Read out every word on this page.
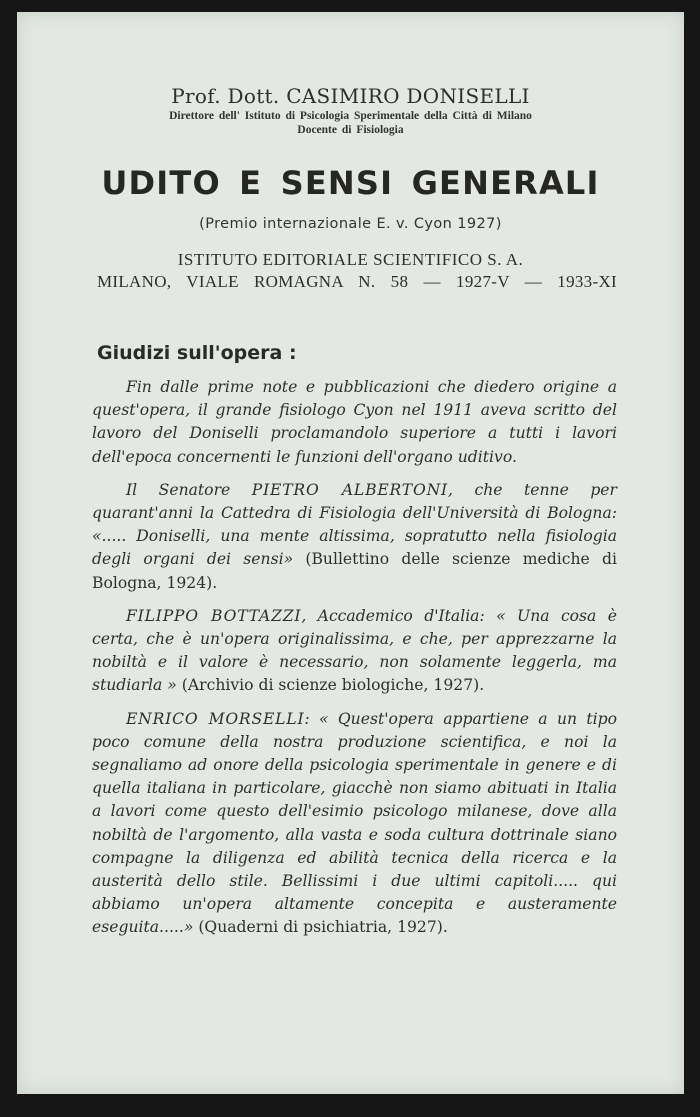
Prof. Dott. CASIMIRO DONISELLI
Direttore dell' Istituto di Psicologia Sperimentale della Città di Milano
Docente di Fisiologia
UDITO E SENSI GENERALI
(Premio internazionale E. v. Cyon 1927)
ISTITUTO EDITORIALE SCIENTIFICO S. A.
MILANO, VIALE ROMAGNA N. 58 — 1927-V — 1933-XI
Giudizi sull'opera :

Fin dalle prime note e pubblicazioni che diedero origine a quest'opera, il grande fisiologo Cyon nel 1911 aveva scritto del lavoro del Doniselli proclamandolo superiore a tutti i lavori dell'epoca concernenti le funzioni dell'organo uditivo.

Il Senatore PIETRO ALBERTONI, che tenne per quarant'anni la Cattedra di Fisiologia dell'Università di Bologna: «..... Doniselli, una mente altissima, sopratutto nella fisiologia degli organi dei sensi» (Bullettino delle scienze mediche di Bologna, 1924).

FILIPPO BOTTAZZI, Accademico d'Italia: « Una cosa è certa, che è un'opera originalissima, e che, per apprezzarne la nobiltà e il valore è necessario, non solamente leggerla, ma studiarla » (Archivio di scienze biologiche, 1927).

ENRICO MORSELLI: « Quest'opera appartiene a un tipo poco comune della nostra produzione scientifica, e noi la segnaliamo ad onore della psicologia sperimentale in genere e di quella italiana in particolare, giacchè non siamo abituati in Italia a lavori come questo dell'esimio psicologo milanese, dove alla nobiltà de l'argomento, alla vasta e soda cultura dottrinale siano compagne la diligenza ed abilità tecnica della ricerca e la austerità dello stile. Bellissimi i due ultimi capitoli..... qui abbiamo un'opera altamente concepita e austeramente eseguita.....» (Quaderni di psichiatria, 1927).
